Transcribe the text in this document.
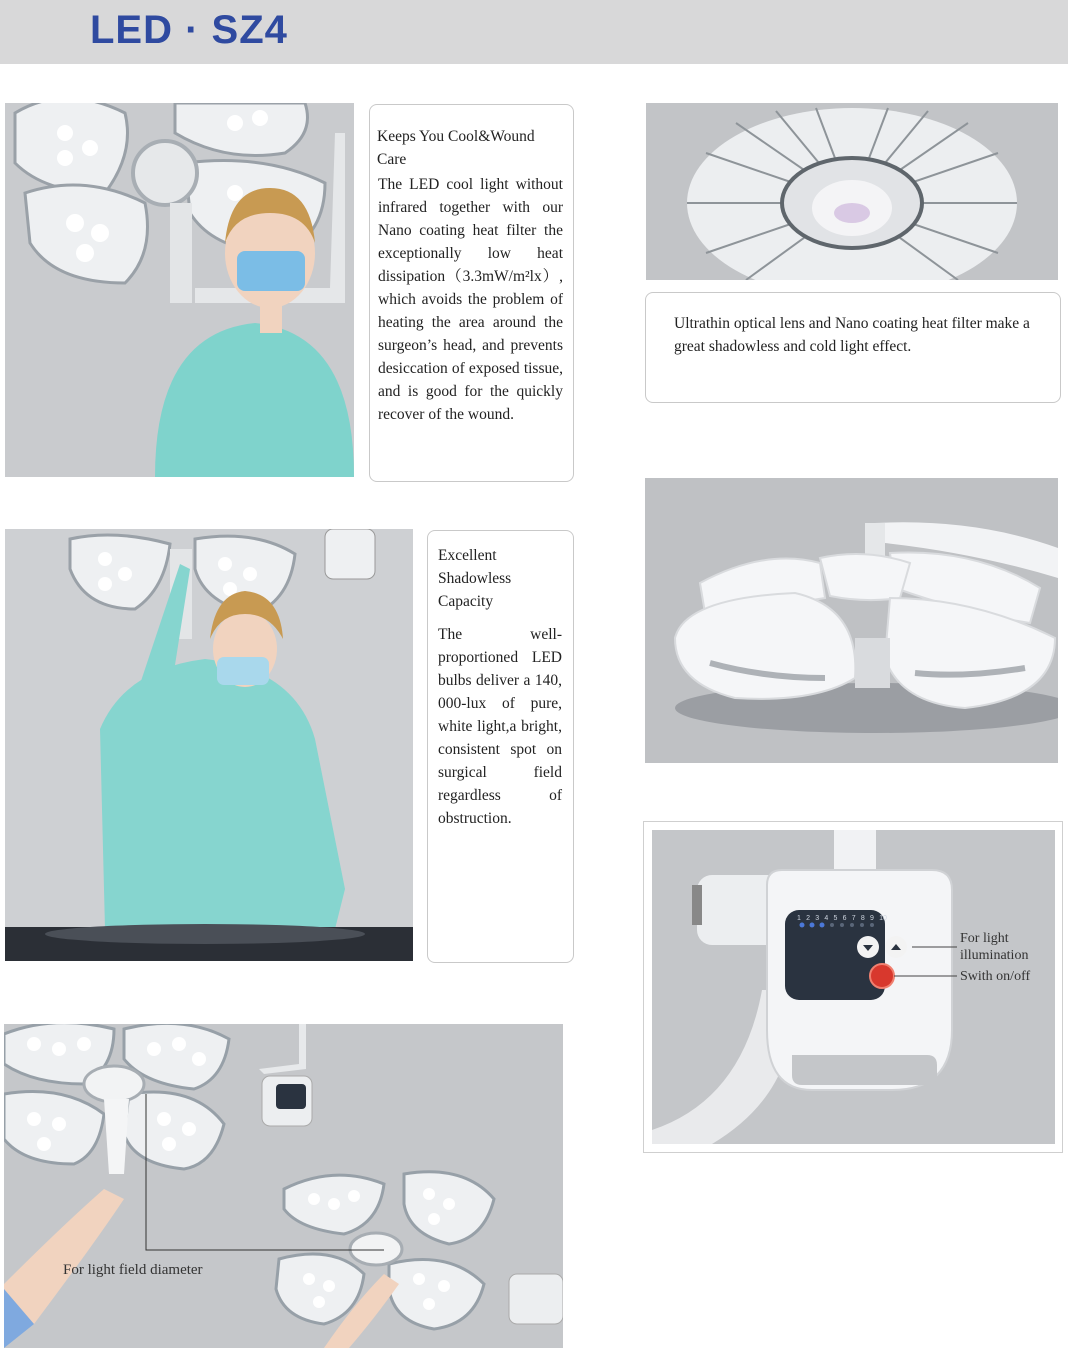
LED · SZ4

Keeps You Cool&Wound Care

The LED cool light without infrared together with our Nano coating heat filter the exceptionally low heat dissipation（3.3mW/m²lx）, which avoids the problem of heating the area around the surgeon’s head, and prevents desiccation of exposed tissue, and is good for the quickly recover of the wound.

Ultrathin optical lens and Nano coating heat filter make a great shadowless and cold light effect.

Excellent Shadowless Capacity

The well-proportioned LED bulbs deliver a 140, 000-lux of pure, white light,a bright, consistent spot on surgical field regardless of obstruction.

1 2 3 4 5 6 7 8 9 10
For light illumination
Swith on/off
For light field diameter
